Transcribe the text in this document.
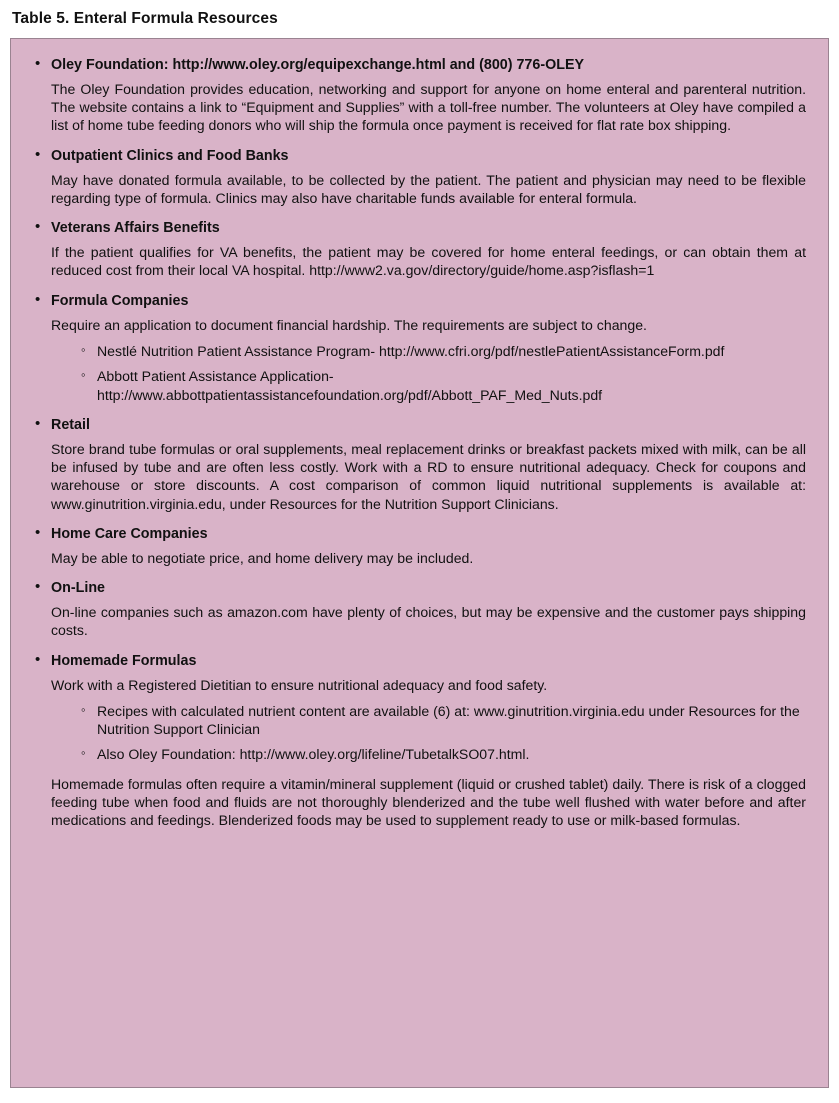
Table 5. Enteral Formula Resources
• Oley Foundation: http://www.oley.org/equipexchange.html and (800) 776-OLEY

The Oley Foundation provides education, networking and support for anyone on home enteral and parenteral nutrition. The website contains a link to “Equipment and Supplies” with a toll-free number. The volunteers at Oley have compiled a list of home tube feeding donors who will ship the formula once payment is received for flat rate box shipping.

• Outpatient Clinics and Food Banks

May have donated formula available, to be collected by the patient. The patient and physician may need to be flexible regarding type of formula. Clinics may also have charitable funds available for enteral formula.

• Veterans Affairs Benefits

If the patient qualifies for VA benefits, the patient may be covered for home enteral feedings, or can obtain them at reduced cost from their local VA hospital. http://www2.va.gov/directory/guide/home.asp?isflash=1

• Formula Companies

Require an application to document financial hardship. The requirements are subject to change.

◦ Nestlé Nutrition Patient Assistance Program- http://www.cfri.org/pdf/nestlePatientAssistanceForm.pdf
◦ Abbott Patient Assistance Application-http://www.abbottpatientassistancefoundation.org/pdf/Abbott_PAF_Med_Nuts.pdf
• Retail

Store brand tube formulas or oral supplements, meal replacement drinks or breakfast packets mixed with milk, can be all be infused by tube and are often less costly. Work with a RD to ensure nutritional adequacy. Check for coupons and warehouse or store discounts. A cost comparison of common liquid nutritional supplements is available at: www.ginutrition.virginia.edu, under Resources for the Nutrition Support Clinicians.

• Home Care Companies

May be able to negotiate price, and home delivery may be included.

• On-Line

On-line companies such as amazon.com have plenty of choices, but may be expensive and the customer pays shipping costs.

• Homemade Formulas

Work with a Registered Dietitian to ensure nutritional adequacy and food safety.

◦ Recipes with calculated nutrient content are available (6) at: www.ginutrition.virginia.edu under Resources for the Nutrition Support Clinician
◦ Also Oley Foundation: http://www.oley.org/lifeline/TubetalkSO07.html.

Homemade formulas often require a vitamin/mineral supplement (liquid or crushed tablet) daily. There is risk of a clogged feeding tube when food and fluids are not thoroughly blenderized and the tube well flushed with water before and after medications and feedings. Blenderized foods may be used to supplement ready to use or milk-based formulas.
